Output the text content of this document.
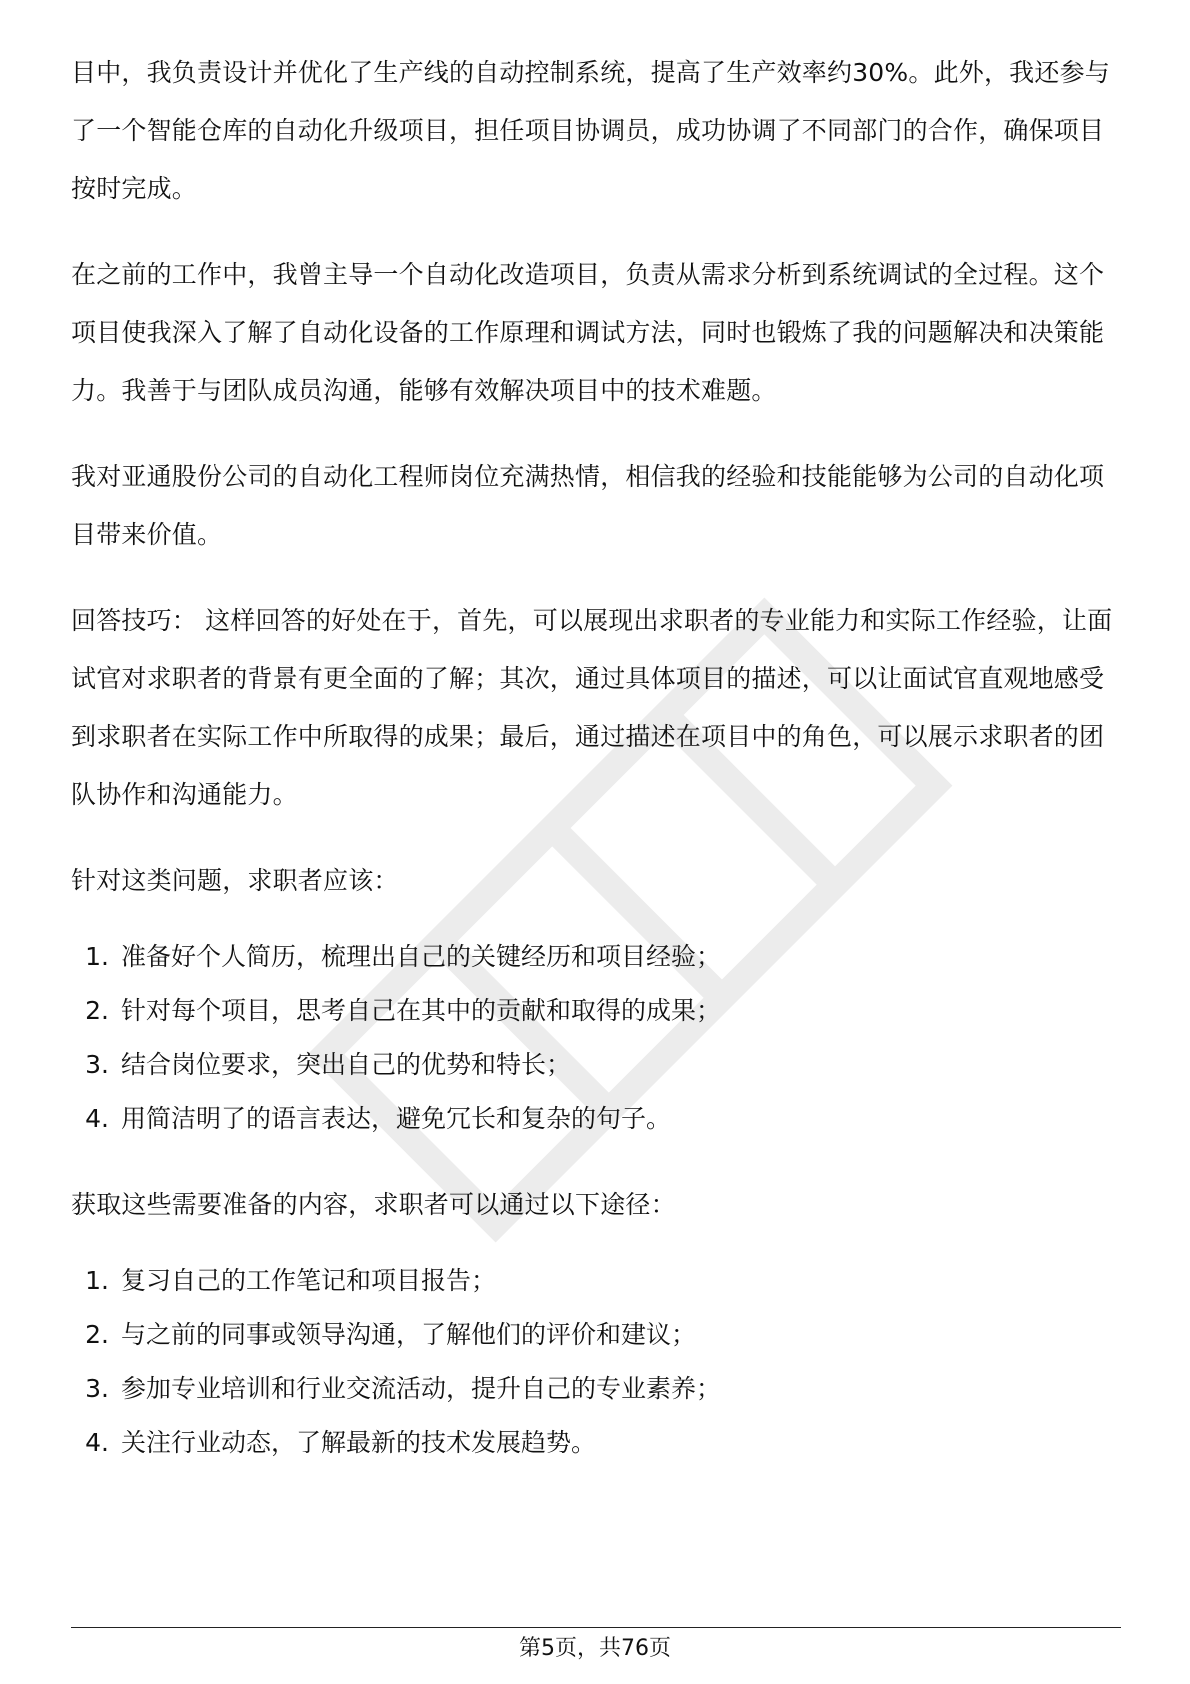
目中，我负责设计并优化了生产线的自动控制系统，提高了生产效率约30%。此外，我还参与了一个智能仓库的自动化升级项目，担任项目协调员，成功协调了不同部门的合作，确保项目按时完成。

在之前的工作中，我曾主导一个自动化改造项目，负责从需求分析到系统调试的全过程。这个项目使我深入了解了自动化设备的工作原理和调试方法，同时也锻炼了我的问题解决和决策能力。我善于与团队成员沟通，能够有效解决项目中的技术难题。

我对亚通股份公司的自动化工程师岗位充满热情，相信我的经验和技能能够为公司的自动化项目带来价值。

回答技巧： 这样回答的好处在于，首先，可以展现出求职者的专业能力和实际工作经验，让面试官对求职者的背景有更全面的了解；其次，通过具体项目的描述，可以让面试官直观地感受到求职者在实际工作中所取得的成果；最后，通过描述在项目中的角色，可以展示求职者的团队协作和沟通能力。

针对这类问题，求职者应该：

1. 准备好个人简历，梳理出自己的关键经历和项目经验；
2. 针对每个项目，思考自己在其中的贡献和取得的成果；
3. 结合岗位要求，突出自己的优势和特长；
4. 用简洁明了的语言表达，避免冗长和复杂的句子。

获取这些需要准备的内容，求职者可以通过以下途径：

1. 复习自己的工作笔记和项目报告；
2. 与之前的同事或领导沟通，了解他们的评价和建议；
3. 参加专业培训和行业交流活动，提升自己的专业素养；
4. 关注行业动态，了解最新的技术发展趋势。
第5页，共76页
